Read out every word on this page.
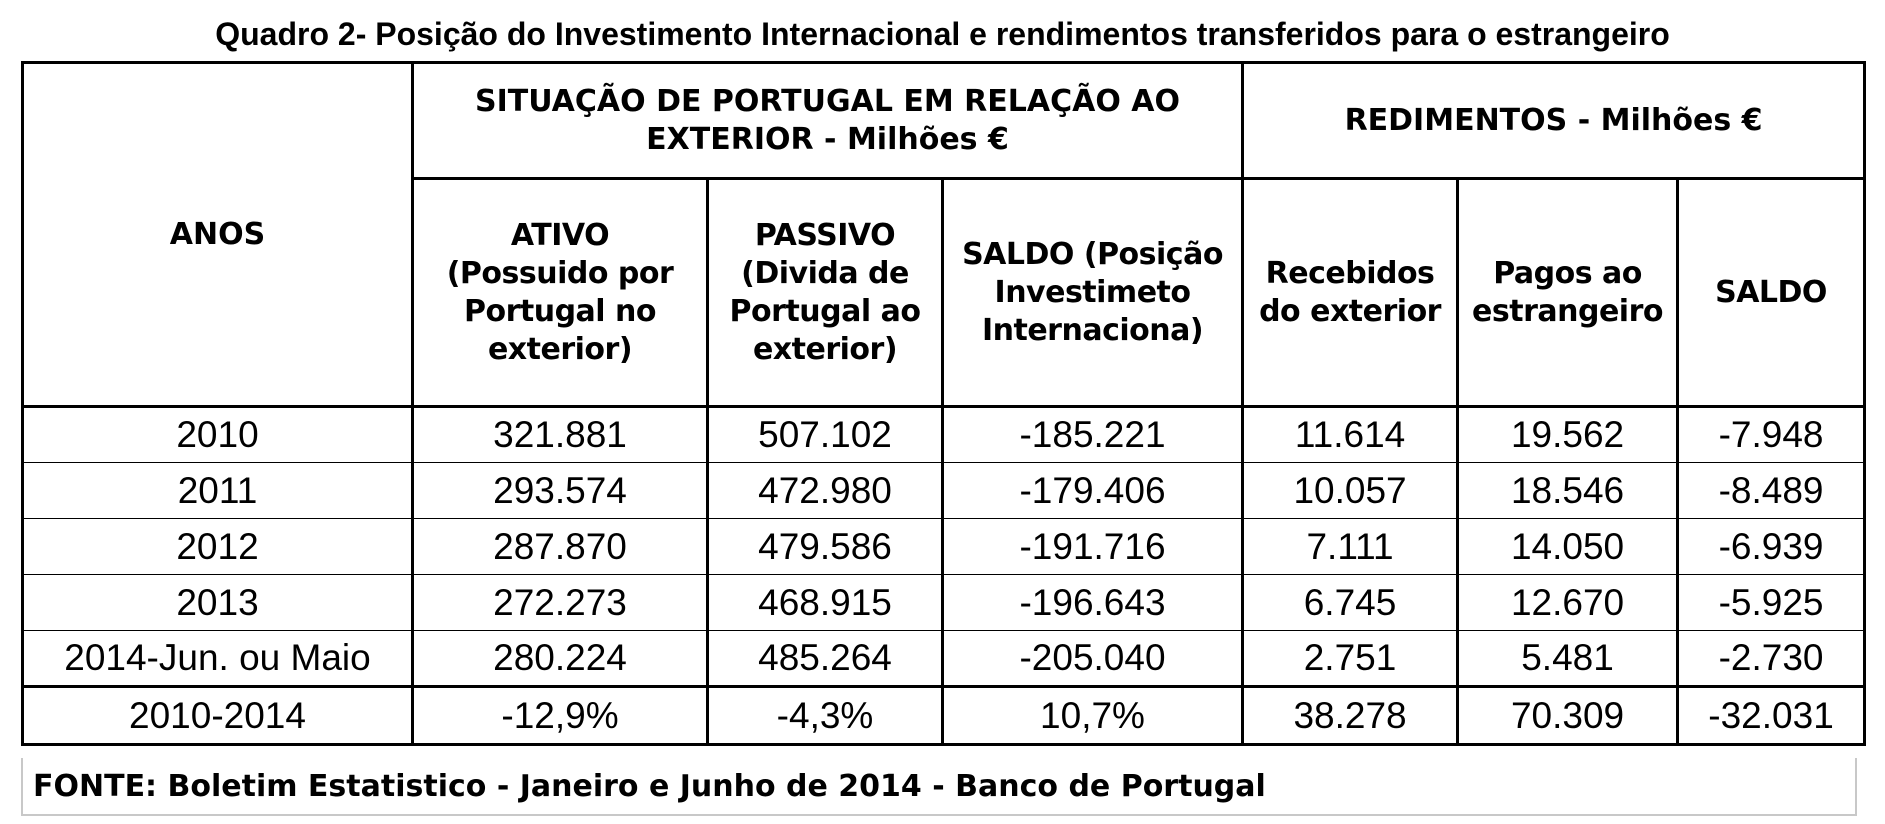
Quadro 2- Posição do Investimento Internacional e rendimentos transferidos para o estrangeiro
ANOS	SITUAÇÃO DE PORTUGAL EM RELAÇÃO AO EXTERIOR - Milhões €			REDIMENTOS - Milhões €		
	ATIVO (Possuido por Portugal no exterior)	PASSIVO (Divida de Portugal ao exterior)	SALDO (Posição Investimeto Internaciona)	Recebidos do exterior	Pagos ao estrangeiro	SALDO
2010	321.881	507.102	-185.221	11.614	19.562	-7.948
2011	293.574	472.980	-179.406	10.057	18.546	-8.489
2012	287.870	479.586	-191.716	7.111	14.050	-6.939
2013	272.273	468.915	-196.643	6.745	12.670	-5.925
2014-Jun. ou Maio	280.224	485.264	-205.040	2.751	5.481	-2.730
2010-2014	-12,9%	-4,3%	10,7%	38.278	70.309	-32.031
FONTE: Boletim Estatistico - Janeiro e Junho de 2014 - Banco de Portugal
